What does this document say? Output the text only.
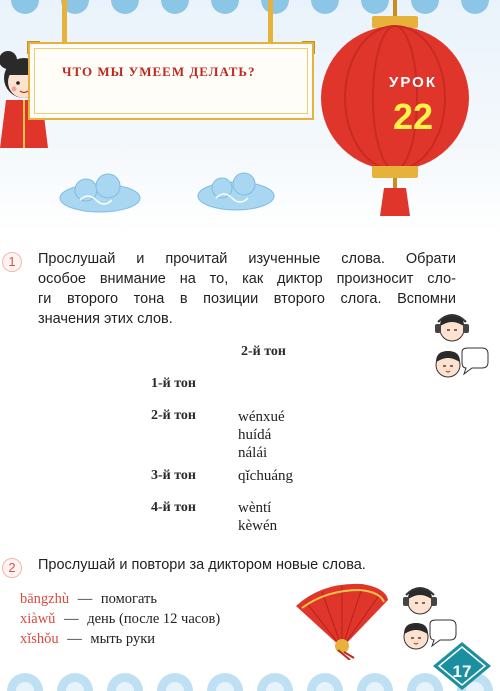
ЧТО МЫ УМЕЕМ ДЕЛАТЬ?
УРОК
22
1	Прослушай и прочитай изученные слова. Обрати
особое внимание на то, как диктор произносит сло-
ги второго тона в позиции второго слога. Вспомни
значения этих слов.
2-й тон
1-й тон
2-й тон	wénxué
huídá
nálái
3-й тон	qǐchuáng
4-й тон	wèntí
kèwén
2	Прослушай и повтори за диктором новые слова.
bāngzhù — помогать
xiàwǔ — день (после 12 часов)
xǐshǒu — мыть руки
17
